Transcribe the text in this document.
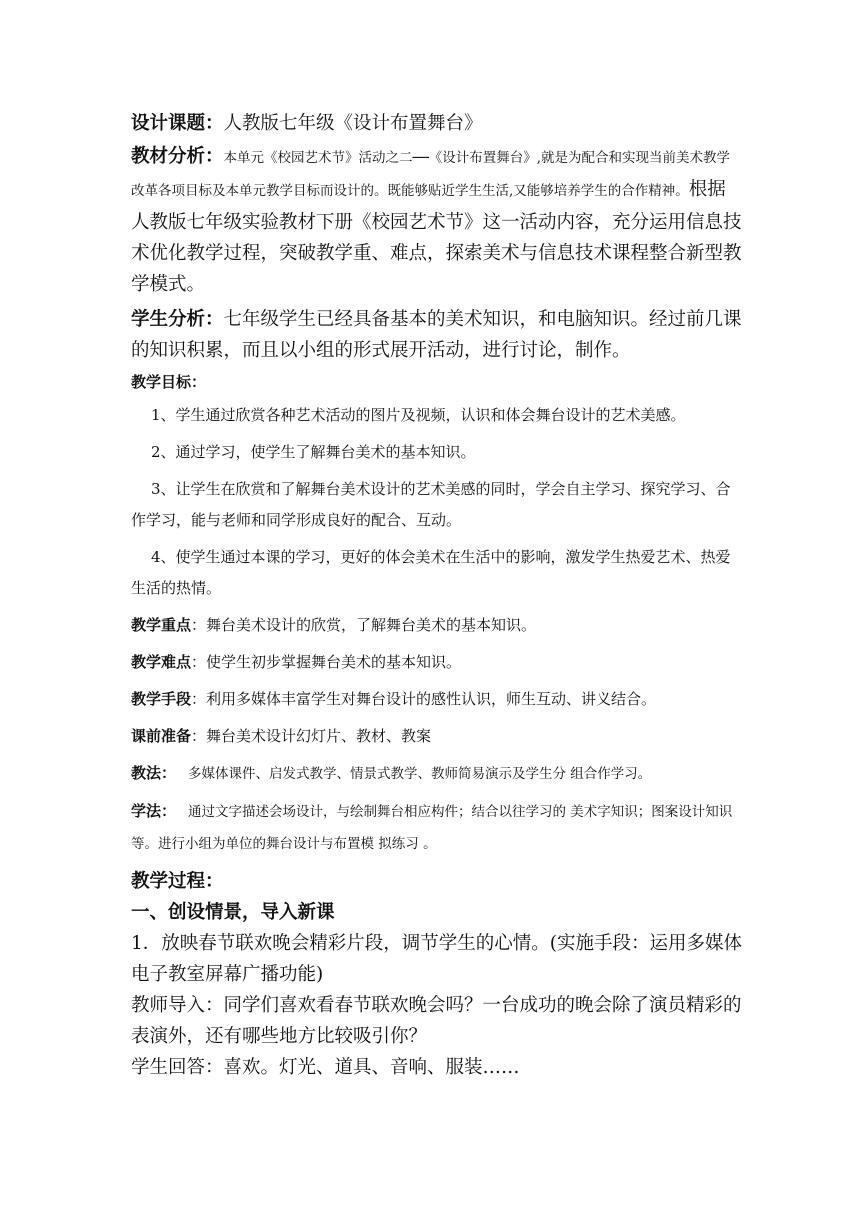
设计课题：人教版七年级《设计布置舞台》

教材分析：本单元《校园艺术节》活动之二──《设计布置舞台》,就是为配合和实现当前美术教学改革各项目标及本单元教学目标而设计的。既能够贴近学生生活,又能够培养学生的合作精神。根据人教版七年级实验教材下册《校园艺术节》这一活动内容，充分运用信息技术优化教学过程，突破教学重、难点，探索美术与信息技术课程整合新型教学模式。

学生分析：七年级学生已经具备基本的美术知识，和电脑知识。经过前几课的知识积累，而且以小组的形式展开活动，进行讨论，制作。

教学目标：

1、学生通过欣赏各种艺术活动的图片及视频，认识和体会舞台设计的艺术美感。

2、通过学习，使学生了解舞台美术的基本知识。

3、让学生在欣赏和了解舞台美术设计的艺术美感的同时，学会自主学习、探究学习、合作学习，能与老师和同学形成良好的配合、互动。

4、使学生通过本课的学习，更好的体会美术在生活中的影响，激发学生热爱艺术、热爱生活的热情。

教学重点：舞台美术设计的欣赏，了解舞台美术的基本知识。

教学难点：使学生初步掌握舞台美术的基本知识。

教学手段：利用多媒体丰富学生对舞台设计的感性认识，师生互动、讲义结合。

课前准备：舞台美术设计幻灯片、教材、教案

教法： 多媒体课件、启发式教学、情景式教学、教师简易演示及学生分 组合作学习。

学法： 通过文字描述会场设计，与绘制舞台相应构件；结合以往学习的 美术字知识；图案设计知识等。进行小组为单位的舞台设计与布置模 拟练习 。

教学过程：

一、创设情景，导入新课

1．放映春节联欢晚会精彩片段，调节学生的心情。(实施手段：运用多媒体电子教室屏幕广播功能)

教师导入：同学们喜欢看春节联欢晚会吗？一台成功的晚会除了演员精彩的表演外，还有哪些地方比较吸引你？

学生回答：喜欢。灯光、道具、音响、服装……
